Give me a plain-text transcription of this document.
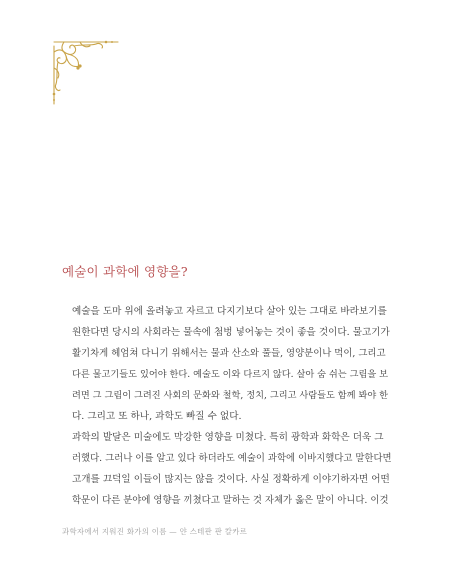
예술이 과학에 영향을?

예술을 도마 위에 올려놓고 자르고 다지기보다 살아 있는 그대로 바라보기를
원한다면 당시의 사회라는 물속에 첨벙 넣어놓는 것이 좋을 것이다. 물고기가
활기차게 헤엄쳐 다니기 위해서는 물과 산소와 풀들, 영양분이나 먹이, 그리고
다른 물고기들도 있어야 한다. 예술도 이와 다르지 않다. 살아 숨 쉬는 그림을 보
려면 그 그림이 그려진 사회의 문화와 철학, 정치, 그리고 사람들도 함께 봐야 한
다. 그리고 또 하나, 과학도 빠질 수 없다.

과학의 발달은 미술에도 막강한 영향을 미쳤다. 특히 광학과 화학은 더욱 그
러했다. 그러나 이를 알고 있다 하더라도 예술이 과학에 이바지했다고 말한다면
고개를 끄덕일 이들이 많지는 않을 것이다. 사실 정확하게 이야기하자면 어떤
학문이 다른 분야에 영향을 끼쳤다고 말하는 것 자체가 옳은 말이 아니다. 이것

과학자에서 지워진 화가의 이름 — 얀 스테판 판 칼카르
